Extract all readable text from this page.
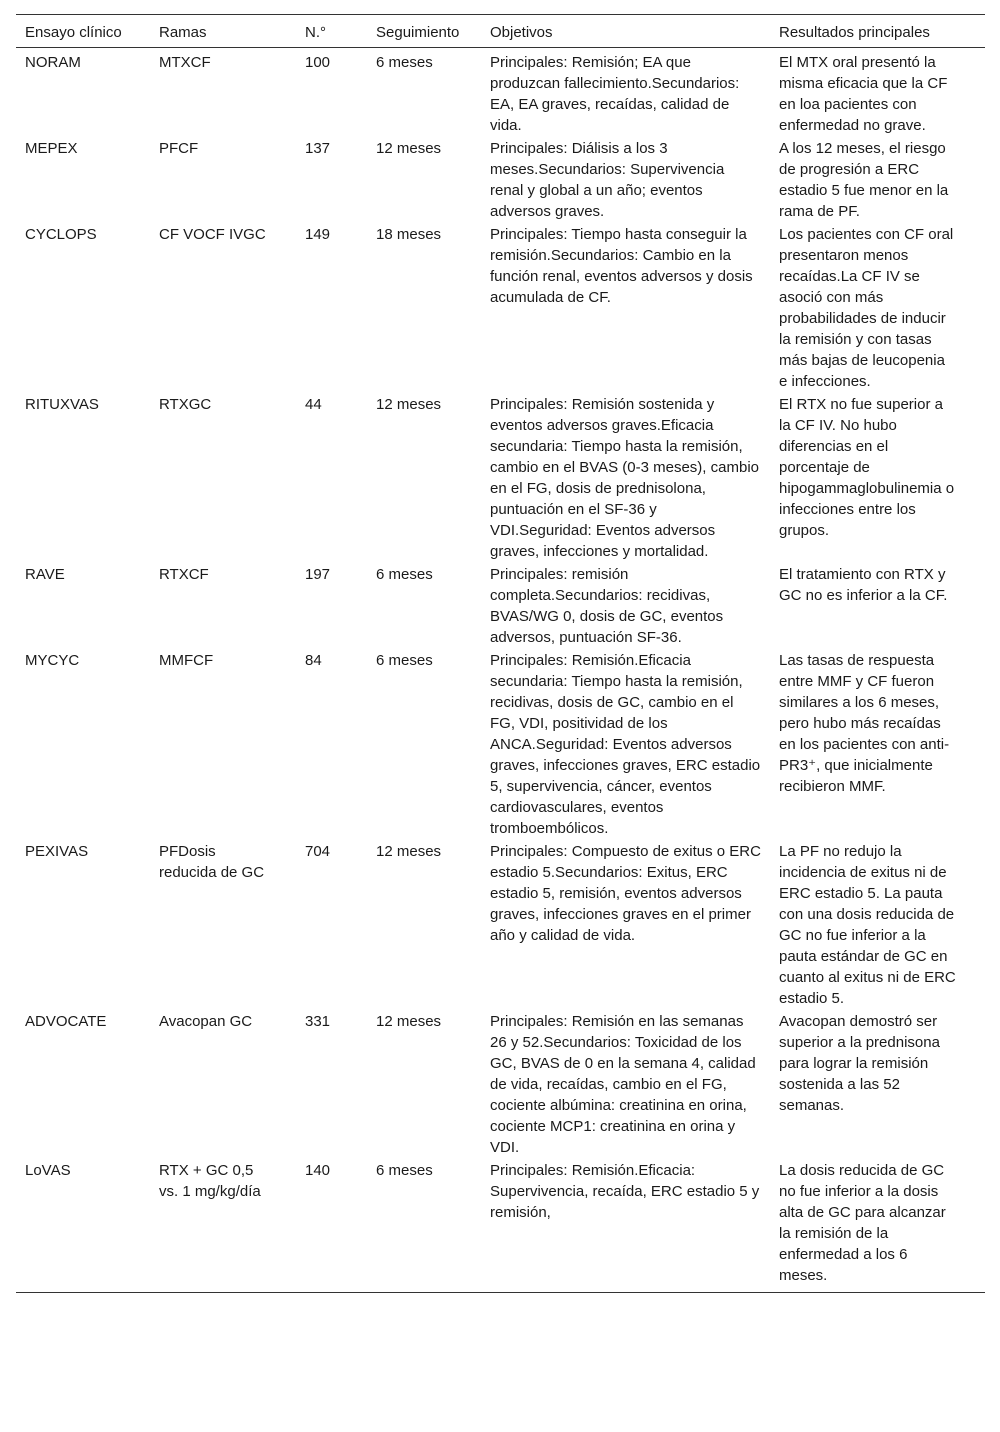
Ensayo clínico	Ramas	N.°	Seguimiento	Objetivos	Resultados principales
NORAM	MTXCF	100	6 meses	Principales: Remisión; EA que produzcan fallecimiento.Secundarios: EA, EA graves, recaídas, calidad de vida.	El MTX oral presentó la misma eficacia que la CF en loa pacientes con enfermedad no grave.
MEPEX	PFCF	137	12 meses	Principales: Diálisis a los 3 meses.Secundarios: Supervivencia renal y global a un año; eventos adversos graves.	A los 12 meses, el riesgo de progresión a ERC estadio 5 fue menor en la rama de PF.
CYCLOPS	CF VOCF IVGC	149	18 meses	Principales: Tiempo hasta conseguir la remisión.Secundarios: Cambio en la función renal, eventos adversos y dosis acumulada de CF.	Los pacientes con CF oral presentaron menos recaídas.La CF IV se asoció con más probabilidades de inducir la remisión y con tasas más bajas de leucopenia e infecciones.
RITUXVAS	RTXGC	44	12 meses	Principales: Remisión sostenida y eventos adversos graves.Eficacia secundaria: Tiempo hasta la remisión, cambio en el BVAS (0-3 meses), cambio en el FG, dosis de prednisolona, puntuación en el SF-36 y VDI.Seguridad: Eventos adversos graves, infecciones y mortalidad.	El RTX no fue superior a la CF IV. No hubo diferencias en el porcentaje de hipogammaglobulinemia o infecciones entre los grupos.
RAVE	RTXCF	197	6 meses	Principales: remisión completa.Secundarios: recidivas, BVAS/WG 0, dosis de GC, eventos adversos, puntuación SF-36.	El tratamiento con RTX y GC no es inferior a la CF.
MYCYC	MMFCF	84	6 meses	Principales: Remisión.Eficacia secundaria: Tiempo hasta la remisión, recidivas, dosis de GC, cambio en el FG, VDI, positividad de los ANCA.Seguridad: Eventos adversos graves, infecciones graves, ERC estadio 5, supervivencia, cáncer, eventos cardiovasculares, eventos tromboembólicos.	Las tasas de respuesta entre MMF y CF fueron similares a los 6 meses, pero hubo más recaídas en los pacientes con anti-PR3⁺, que inicialmente recibieron MMF.
PEXIVAS	PFDosis reducida de GC	704	12 meses	Principales: Compuesto de exitus o ERC estadio 5.Secundarios: Exitus, ERC estadio 5, remisión, eventos adversos graves, infecciones graves en el primer año y calidad de vida.	La PF no redujo la incidencia de exitus ni de ERC estadio 5. La pauta con una dosis reducida de GC no fue inferior a la pauta estándar de GC en cuanto al exitus ni de ERC estadio 5.
ADVOCATE	Avacopan GC	331	12 meses	Principales: Remisión en las semanas 26 y 52.Secundarios: Toxicidad de los GC, BVAS de 0 en la semana 4, calidad de vida, recaídas, cambio en el FG, cociente albúmina: creatinina en orina, cociente MCP1: creatinina en orina y VDI.	Avacopan demostró ser superior a la prednisona para lograr la remisión sostenida a las 52 semanas.
LoVAS	RTX + GC 0,5 vs. 1 mg/kg/día	140	6 meses	Principales: Remisión.Eficacia: Supervivencia, recaída, ERC estadio 5 y remisión,	La dosis reducida de GC no fue inferior a la dosis alta de GC para alcanzar la remisión de la enfermedad a los 6 meses.
